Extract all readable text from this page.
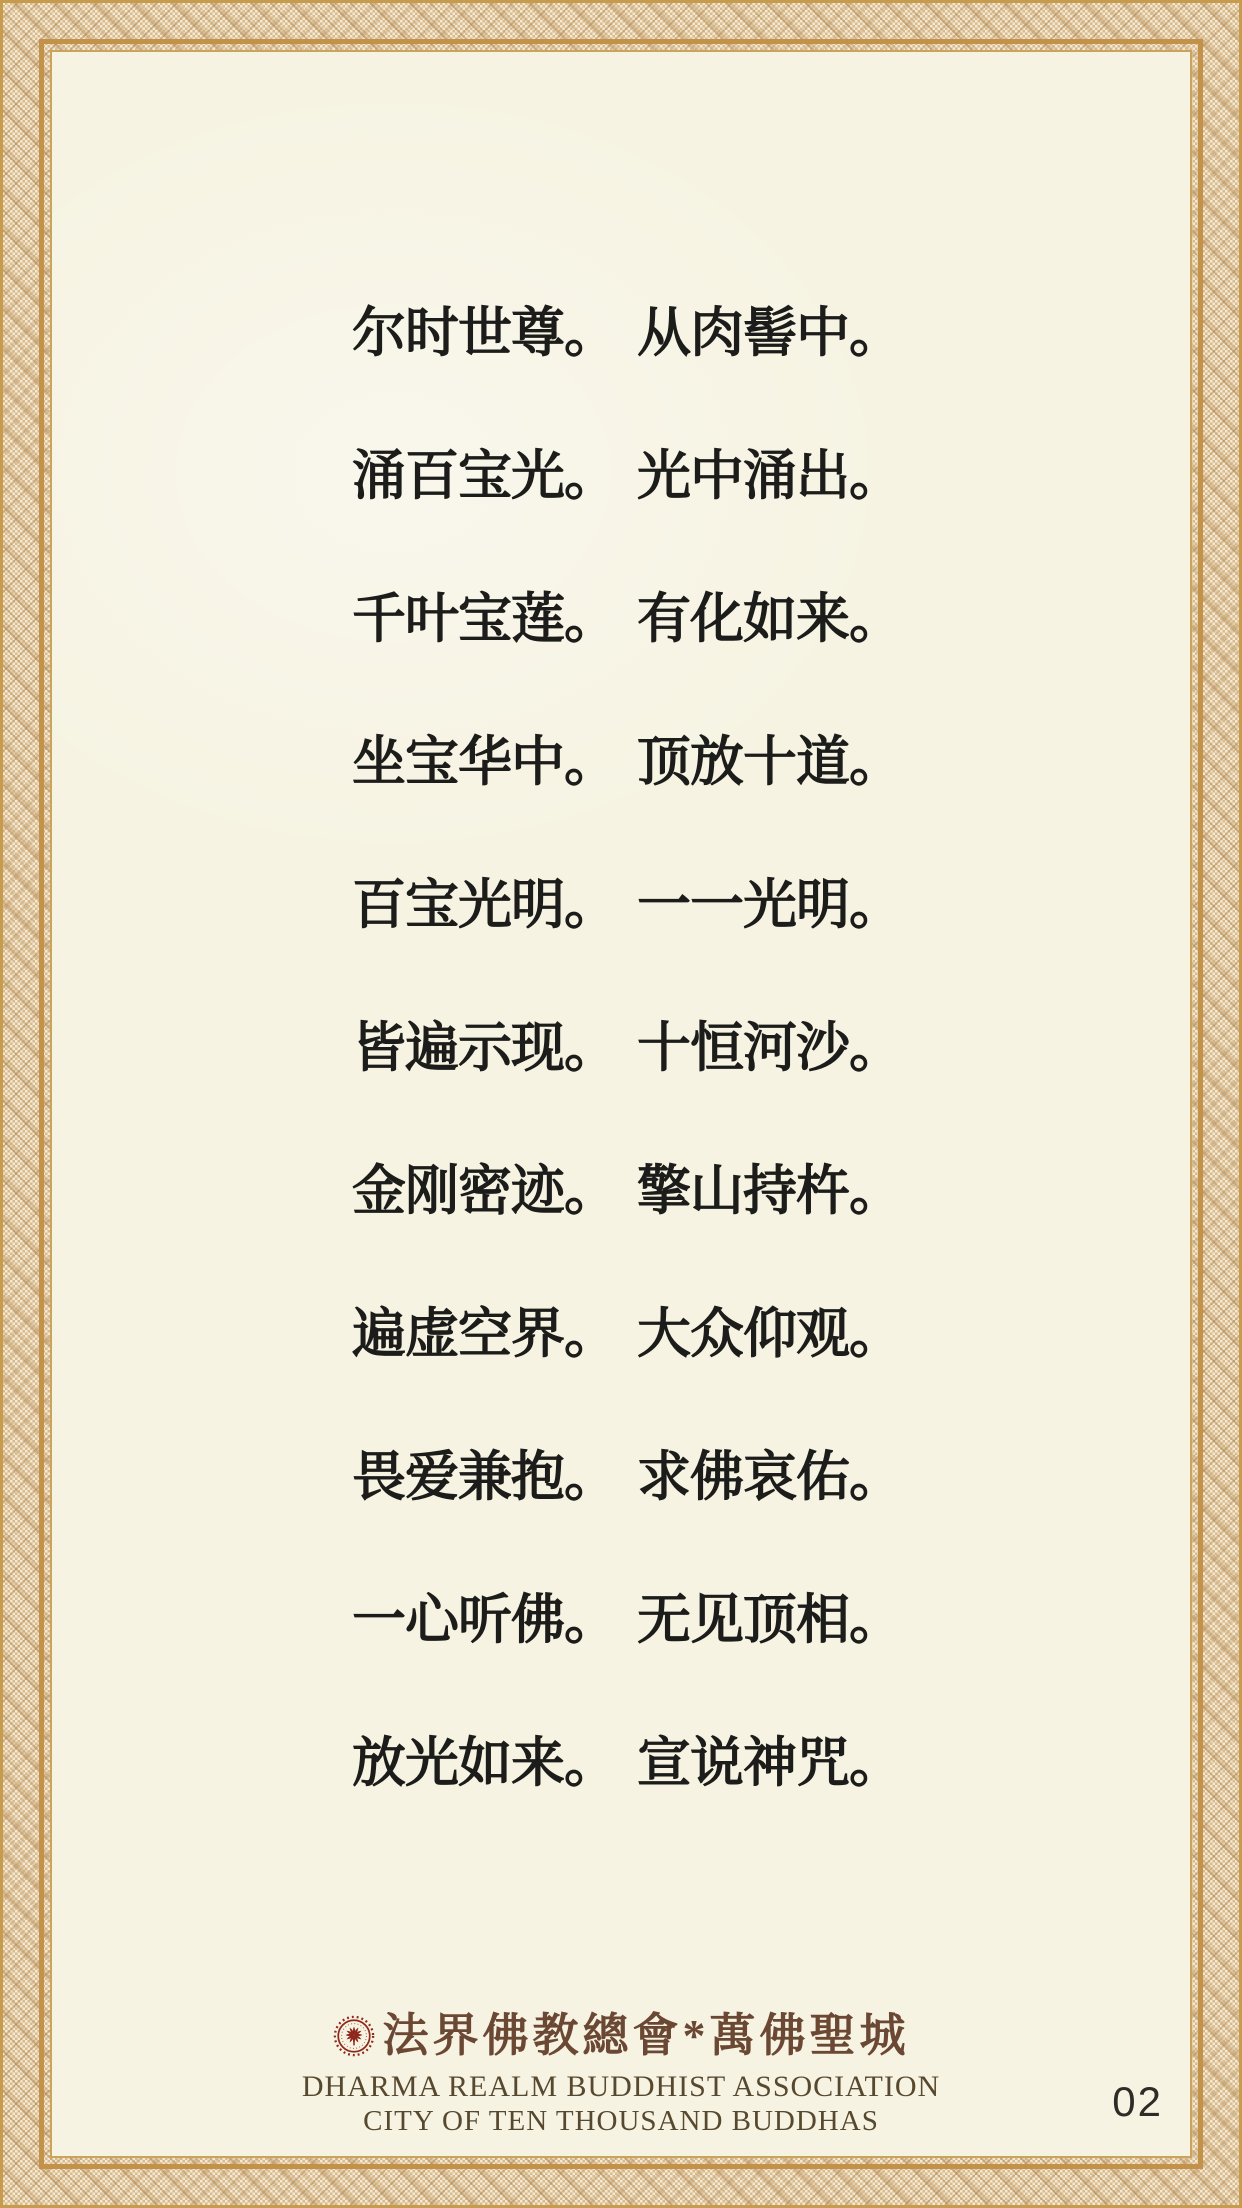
尔时世尊。 从肉髻中。
涌百宝光。 光中涌出。
千叶宝莲。 有化如来。
坐宝华中。 顶放十道。
百宝光明。 一一光明。
皆遍示现。 十恒河沙。
金刚密迹。 擎山持杵。
遍虚空界。 大众仰观。
畏爱兼抱。 求佛哀佑。
一心听佛。 无见顶相。
放光如来。 宣说神咒。
法界佛教總會*萬佛聖城
DHARMA REALM BUDDHIST ASSOCIATION
CITY OF TEN THOUSAND BUDDHAS	02
